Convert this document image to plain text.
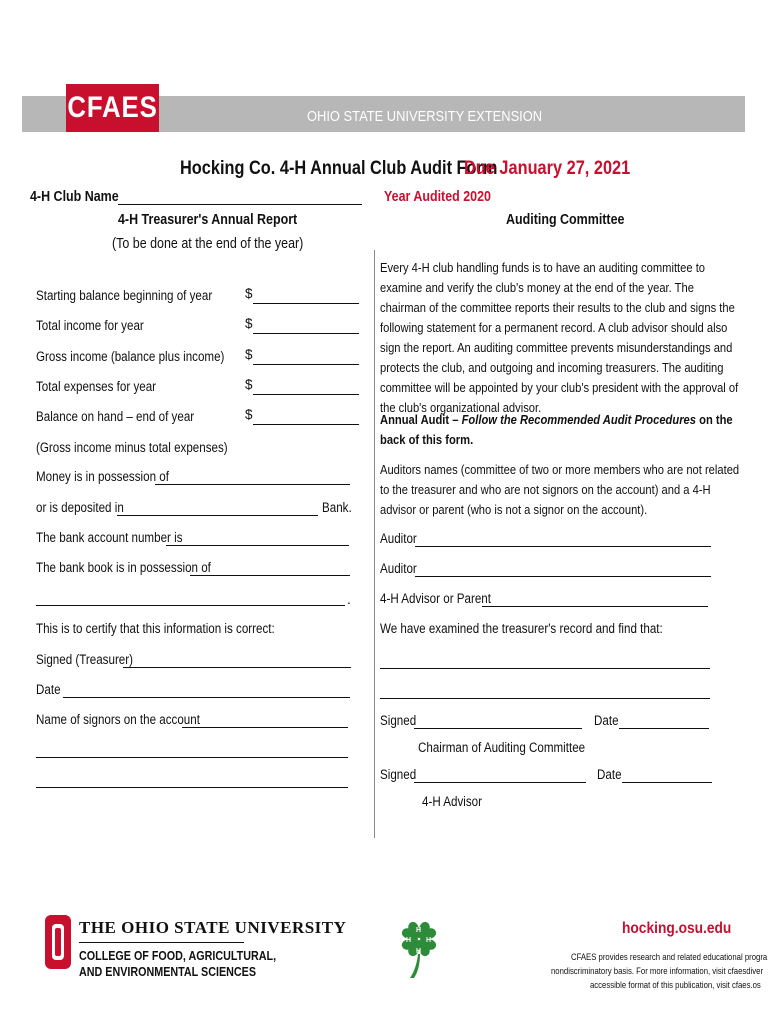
CFAES	OHIO STATE UNIVERSITY EXTENSION
Hocking Co. 4-H Annual Club Audit Form
Due January 27, 2021
4-H Club Name	Year Audited 2020
4-H Treasurer's Annual Report
(To be done at the end of the year)
Starting balance beginning of year $
Total income for year	$
Gross income (balance plus income) $
Total expenses for year	$
Balance on hand – end of year	$
(Gross income minus total expenses)
Money is in possession of
or is deposited in	Bank.
The bank account number is
The bank book is in possession of
.
This is to certify that this information is correct:
Signed (Treasurer)
Date
Name of signors on the account
Auditing Committee
Every 4-H club handling funds is to have an auditing committee to examine and verify the club's money at the end of the year. The chairman of the committee reports their results to the club and signs the following statement for a permanent record. A club advisor should also sign the report. An auditing committee prevents misunderstandings and protects the club, and outgoing and incoming treasurers. The auditing committee will be appointed by your club's president with the approval of the club's organizational advisor.
Annual Audit – Follow the Recommended Audit Procedures on the back of this form.
Auditors names (committee of two or more members who are not related to the treasurer and who are not signors on the account) and a 4-H advisor or parent (who is not a signor on the account).
Auditor
Auditor
4-H Advisor or Parent
We have examined the treasurer's record and find that:
Signed	Date
Chairman of Auditing Committee
Signed	Date
4-H Advisor
THE OHIO STATE UNIVERSITY
COLLEGE OF FOOD, AGRICULTURAL,
AND ENVIRONMENTAL SCIENCES
H
H
H H
hocking.osu.edu
CFAES provides research and related educational progra
nondiscriminatory basis. For more information, visit cfaesdiver
accessible format of this publication, visit cfaes.os
